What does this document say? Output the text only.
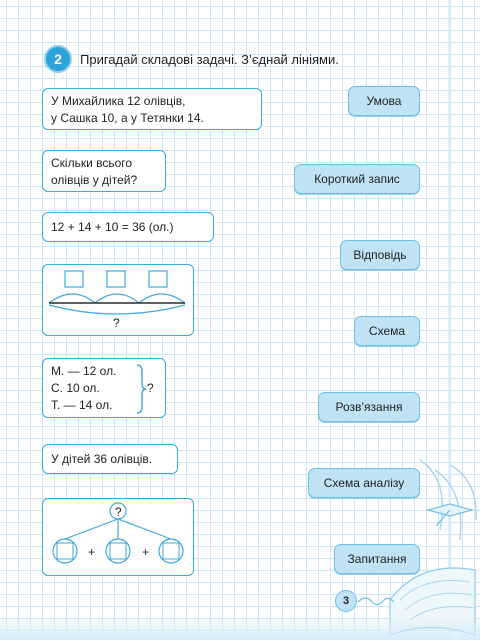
2	Пригадай складові задачі. З’єднай лініями.
У Михайлика 12 олівців,
у Сашка 10, а у Тетянки 14.
Скільки всього
олівців у дітей?
12 + 14 + 10 = 36 (ол.)
?
М. — 12 ол.
С. 10 ол.
Т. — 14 ол.
?
У дітей 36 олівців.
?
+	+
Умова
Короткий запис
Відповідь
Схема
Розв’язання
Схема аналізу
Запитання
3
